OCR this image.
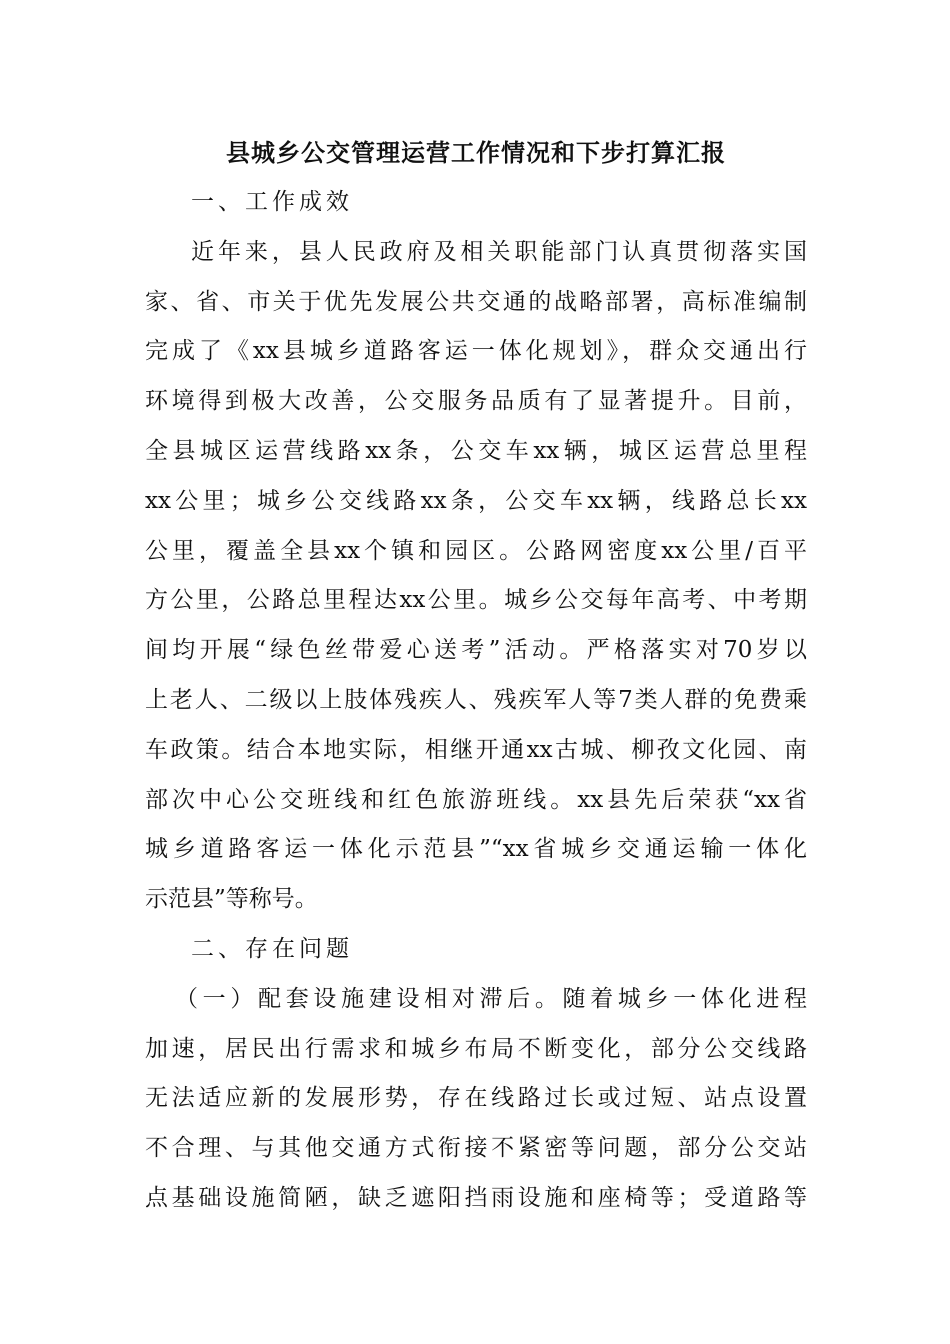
县城乡公交管理运营工作情况和下步打算汇报
一、工作成效
近年来，县人民政府及相关职能部门认真贯彻落实国
家、省、市关于优先发展公共交通的战略部署，高标准编制
完成了《xx县城乡道路客运一体化规划》，群众交通出行
环境得到极大改善，公交服务品质有了显著提升。目前，
全县城区运营线路xx条，公交车xx辆，城区运营总里程
xx公里；城乡公交线路xx条，公交车xx辆，线路总长xx
公里，覆盖全县xx个镇和园区。公路网密度xx公里/百平
方公里，公路总里程达xx公里。城乡公交每年高考、中考期
间均开展“绿色丝带爱心送考”活动。严格落实对70岁以
上老人、二级以上肢体残疾人、残疾军人等7类人群的免费乘
车政策。结合本地实际，相继开通xx古城、柳孜文化园、南
部次中心公交班线和红色旅游班线。xx县先后荣获“xx省
城乡道路客运一体化示范县”“xx省城乡交通运输一体化
示范县”等称号。
二、存在问题
（一）配套设施建设相对滞后。随着城乡一体化进程
加速，居民出行需求和城乡布局不断变化，部分公交线路
无法适应新的发展形势，存在线路过长或过短、站点设置
不合理、与其他交通方式衔接不紧密等问题，部分公交站
点基础设施简陋，缺乏遮阳挡雨设施和座椅等；受道路等
